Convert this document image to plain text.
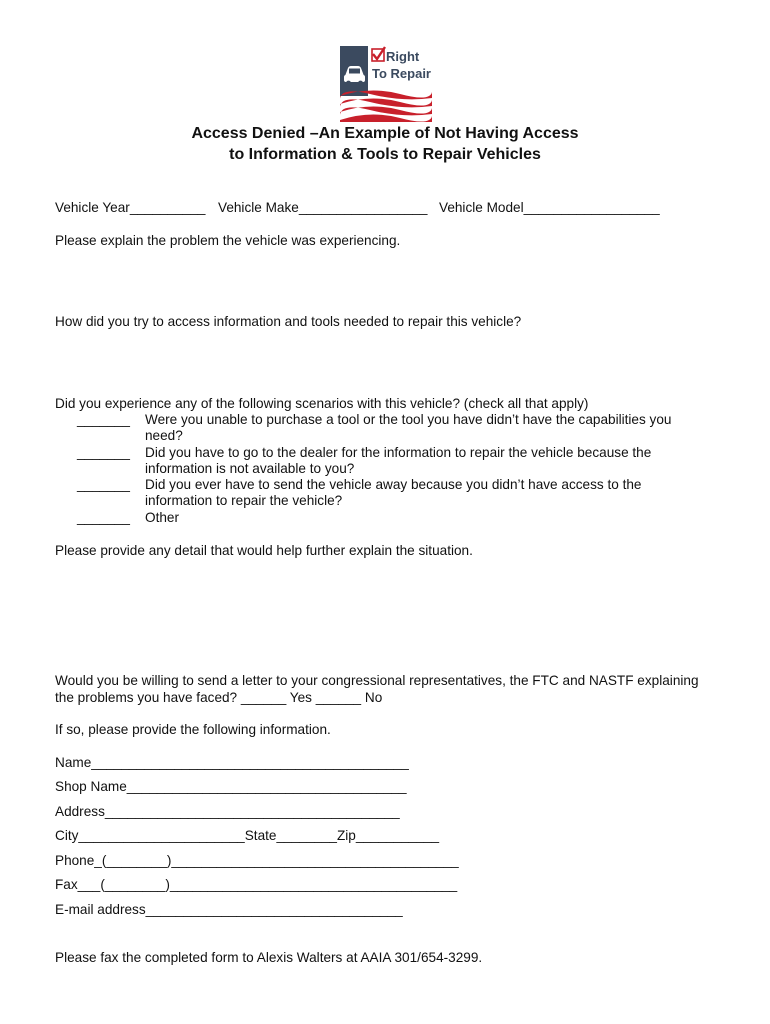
Right
To Repair
Access Denied –An Example of Not Having Access
to Information & Tools to Repair Vehicles
Vehicle Year__________ Vehicle Make_________________ Vehicle Model__________________
Please explain the problem the vehicle was experiencing.
How did you try to access information and tools needed to repair this vehicle?
Did you experience any of the following scenarios with this vehicle? (check all that apply)
_______ Were you unable to purchase a tool or the tool you have didn’t have the capabilities you
need?
_______ Did you have to go to the dealer for the information to repair the vehicle because the
information is not available to you?
_______ Did you ever have to send the vehicle away because you didn’t have access to the
information to repair the vehicle?
_______ Other
Please provide any detail that would help further explain the situation.
Would you be willing to send a letter to your congressional representatives, the FTC and NASTF explaining
the problems you have faced? ______ Yes ______ No
If so, please provide the following information.
Name__________________________________________
Shop Name_____________________________________
Address_______________________________________
City______________________State________Zip___________
Phone_(________)______________________________________
Fax___(________)______________________________________
E-mail address__________________________________
Please fax the completed form to Alexis Walters at AAIA 301/654-3299.
